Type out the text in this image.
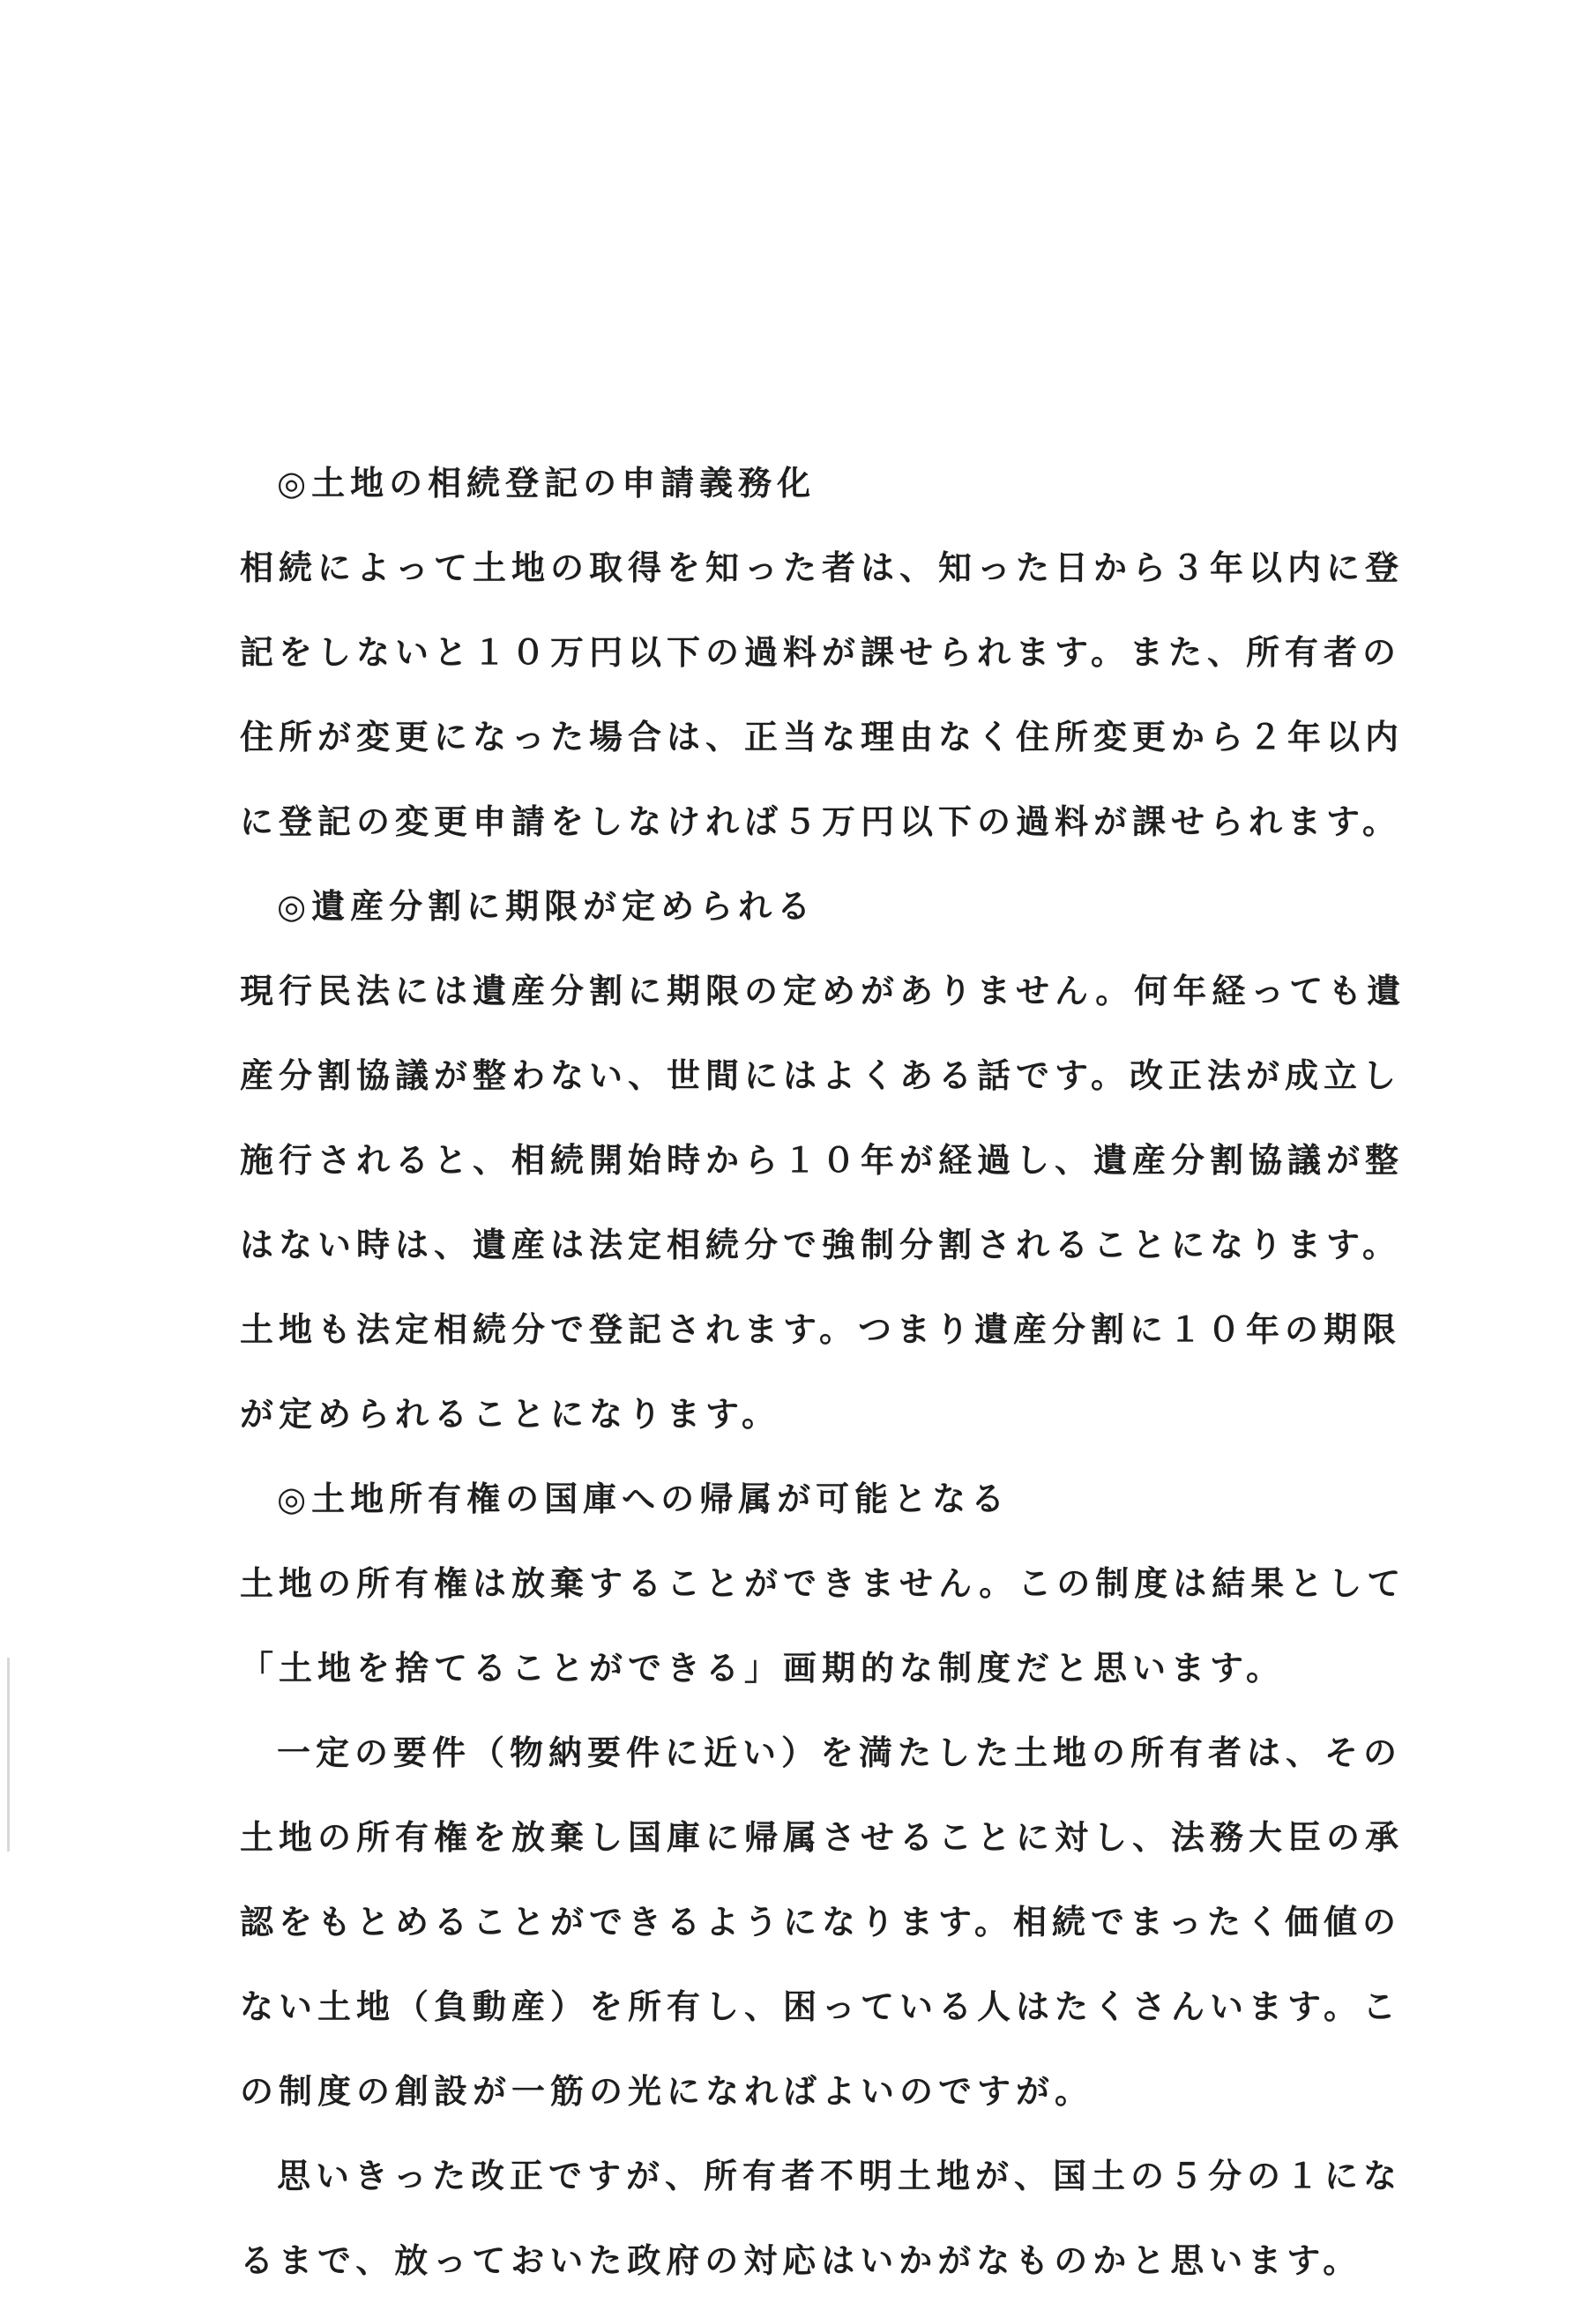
◎土地の相続登記の申請義務化
相続によって土地の取得を知った者は、知った日から３年以内に登
記をしないと１０万円以下の過料が課せられます。また、所有者の
住所が変更になった場合は、正当な理由なく住所変更から２年以内
に登記の変更申請をしなければ５万円以下の過料が課せられます。
◎遺産分割に期限が定められる
現行民法には遺産分割に期限の定めがありません。何年経っても遺
産分割協議が整わない、世間にはよくある話です。改正法が成立し
施行されると、相続開始時から１０年が経過し、遺産分割協議が整
はない時は、遺産は法定相続分で強制分割されることになります。
土地も法定相続分で登記されます。つまり遺産分割に１０年の期限
が定められることになります。
◎土地所有権の国庫への帰属が可能となる
土地の所有権は放棄することができません。この制度は結果として
「土地を捨てることができる」画期的な制度だと思います。
一定の要件（物納要件に近い）を満たした土地の所有者は、その
土地の所有権を放棄し国庫に帰属させることに対し、法務大臣の承
認をもとめることができるようになります。相続でまったく価値の
ない土地（負動産）を所有し、困っている人はたくさんいます。こ
の制度の創設が一筋の光になればよいのですが。
思いきった改正ですが、所有者不明土地が、国土の５分の１にな
るまで、放っておいた政府の対応はいかがなものかと思います。
